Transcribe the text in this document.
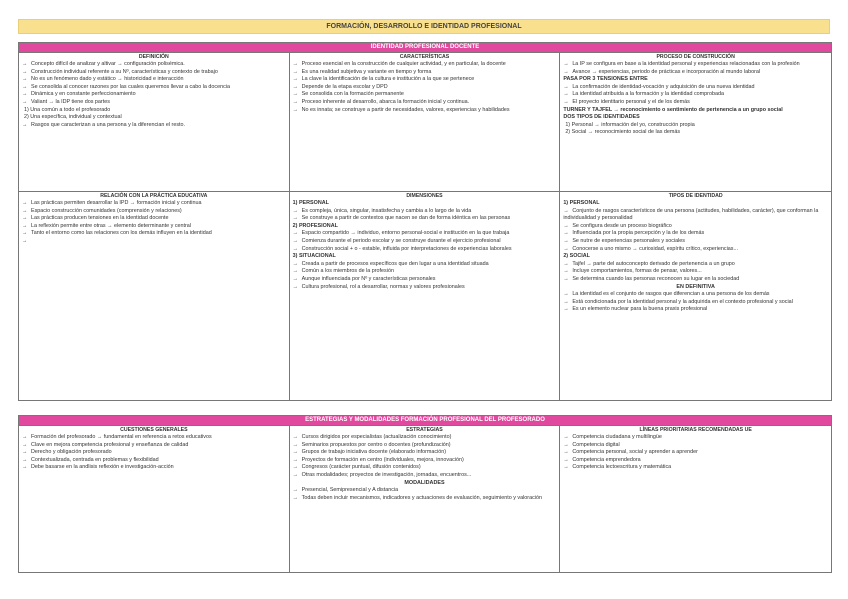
FORMACIÓN, DESARROLLO E IDENTIDAD PROFESIONAL
IDENTIDAD PROFESIONAL DOCENTE
DEFINICIÓN
→ Concepto difícil de analizar y altivar → configuración polisémica.
→ Construcción individual referente a su Nº, características y contexto de trabajo
→ No es un fenómeno dado y estático → historicidad e interacción
→ Se consolida al conocer razones por las cuales queremos llevar a cabo la docencia
→ Dinámica y en constante perfeccionamiento
→ Valiant → la IDP tiene dos partes
1) Una común a todo el profesorado
2) Una específica, individual y contextual
→ Rasgos que caracterizan a una persona y la diferencian el resto.
CARACTERÍSTICAS
→ Proceso esencial en la construcción de cualquier actividad, y en particular, la docente
→ Es una realidad subjetiva y variante en tiempo y forma
→ La clave la identificación de la cultura e institución a la que se pertenece
→ Depende de la etapa escolar y DPD
→ Se consolida con la formación permanente
→ Proceso inherente al desarrollo, abarca la formación inicial y continua.
→ No es innata; se construye a partir de necesidades, valores, experiencias y habilidades
PROCESO DE CONSTRUCCIÓN
→ La IP se configura en base a la identidad personal y experiencias relacionadas con la profesión
→ Avance → experiencias, periodo de prácticas e incorporación al mundo laboral
PASA POR 3 TENSIONES ENTRE
→ La confirmación de identidad-vocación y adquisición de una nueva identidad
→ La identidad atribuida a la formación y la identidad comprobada
→ El proyecto identitario personal y el de los demás
TURNER Y TAJFEL → reconocimiento o sentimiento de pertenencia a un grupo social
DOS TIPOS DE IDENTIDADES
1) Personal → información del yo, construcción propia
2) Social → reconocimiento social de las demás
RELACIÓN CON LA PRÁCTICA EDUCATIVA
→ Las prácticas permiten desarrollar la IPD → formación inicial y continua
→ Espacio construcción comunidades (comprensión y relaciones)
→ Las prácticas producen tensiones en la identidad docente
→ La reflexión permite entre otras → elemento determinante y central
→ Tanto el entorno como las relaciones con los demás influyen en la identidad
→
DIMENSIONES
1) PERSONAL
→ Es compleja, única, singular, insatisfecha y cambia a lo largo de la vida
→ Se construye a partir de contextos que nacen se dan de forma idéntica en las personas
2) PROFESIONAL
→ Espacio compartido → individuo, entorno personal-social e institución en la que trabaja
→ Comienza durante el periodo escolar y se construye durante el ejercicio profesional
→ Construcción social + o - estable, influida por interpretaciones de experiencias laborales
3) SITUACIONAL
→ Creada a partir de procesos específicos que den lugar a una identidad situada
→ Común a los miembros de la profesión
→ Aunque influenciada por Nº y características personales
→ Cultura profesional, rol a desarrollar, normas y valores profesionales
TIPOS DE IDENTIDAD
1) PERSONAL
→ Conjunto de rasgos característicos de una persona (actitudes, habilidades, carácter), que conforman la individualidad y personalidad
→ Se configura desde un proceso biográfico
→ Influenciada por la propia percepción y la de los demás
→ Se nutre de experiencias personales y sociales
→ Conocerse a uno mismo → curiosidad, espíritu crítico, experiencias...
2) SOCIAL
→ Tajfel → parte del autoconcepto derivado de pertenencia a un grupo
→ Incluye comportamientos, formas de pensar, valores...
→ Se determina cuando las personas reconocen su lugar en la sociedad
EN DEFINITIVA
→ La identidad es el conjunto de rasgos que diferencian a una persona de los demás
→ Está condicionada por la identidad personal y la adquirida en el contexto profesional y social
→ Es un elemento nuclear para la buena praxis profesional
ESTRATEGIAS Y MODALIDADES FORMACIÓN PROFESIONAL DEL PROFESORADO
CUESTIONES GENERALES
→ Formación del profesorado → fundamental en referencia a retos educativos
→ Clave en mejora competencia profesional y enseñanza de calidad
→ Derecho y obligación profesorado
→ Contextualizada, centrada en problemas y flexibilidad
→ Debe basarse en la andlisis reflexión e investigación-acción
ESTRATEGIAS
→ Cursos dirigidos por especialistas (actualización conocimiento)
→ Seminarios propuestos por centro o docentes (profundización)
→ Grupos de trabajo iniciativa docente (elaborado información)
→ Proyectos de formación en centro (individuales, mejora, innovación)
→ Congresos (carácter puntual, difusión contenidos)
→ Otras modalidades; proyectos de investigación, jornadas, encuentros...
MODALIDADES
→ Presencial, Semipresencial y A distancia
→ Todas deben incluir mecanismos, indicadores y actuaciones de evaluación, seguimiento y valoración
LÍNEAS PRIORITARIAS RECOMENDADAS UE
→ Competencia ciudadana y multilingüe
→ Competencia digital
→ Competencia personal, social y aprender a aprender
→ Competencia emprendedora
→ Competencia lectoescritura y matemática
